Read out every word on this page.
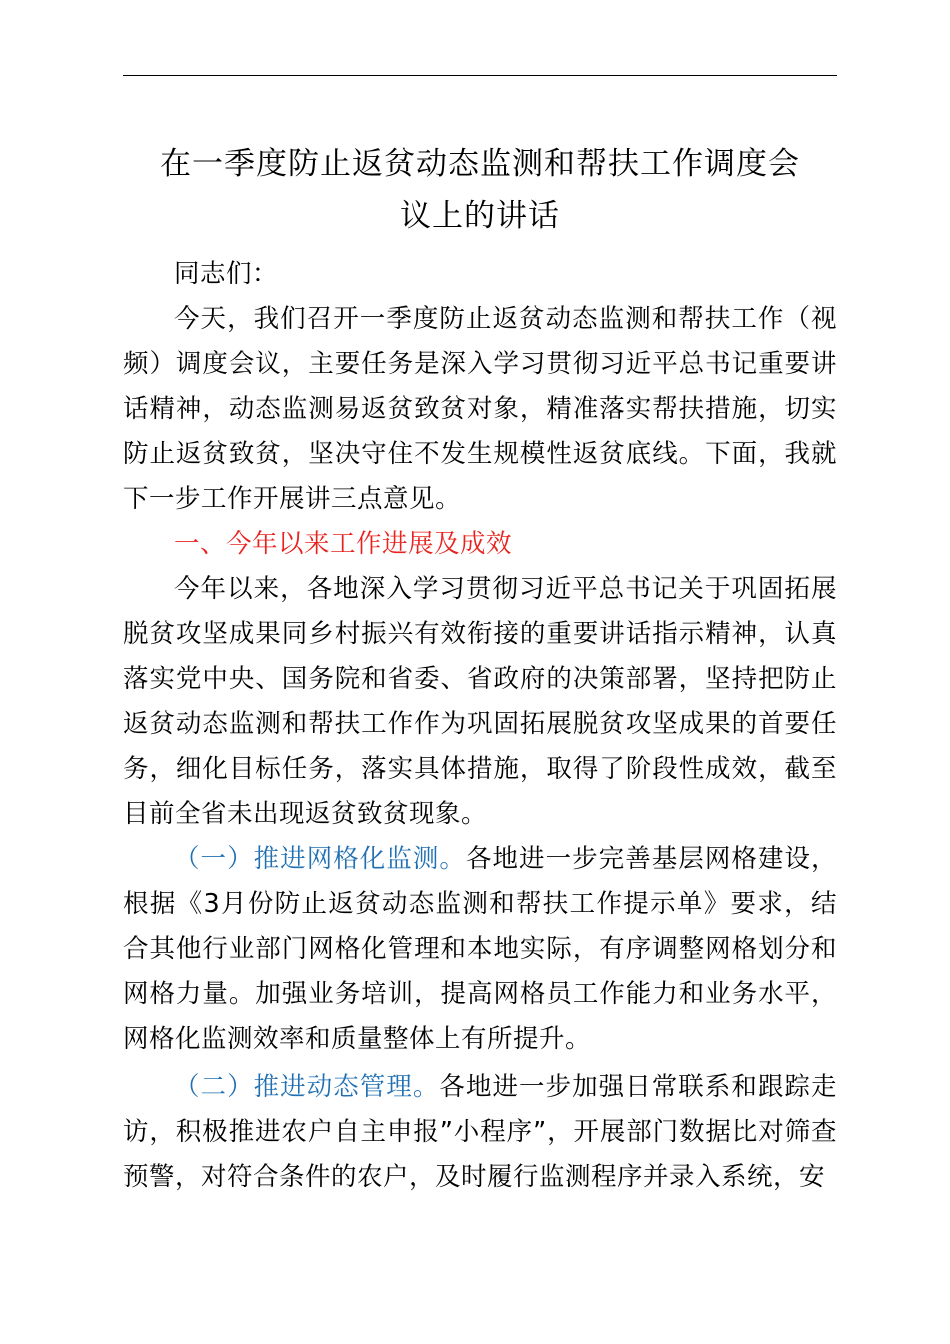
在一季度防止返贫动态监测和帮扶工作调度会
议上的讲话

同志们：

今天，我们召开一季度防止返贫动态监测和帮扶工作（视频）调度会议，主要任务是深入学习贯彻习近平总书记重要讲话精神，动态监测易返贫致贫对象，精准落实帮扶措施，切实防止返贫致贫，坚决守住不发生规模性返贫底线。下面，我就下一步工作开展讲三点意见。

一、今年以来工作进展及成效

今年以来，各地深入学习贯彻习近平总书记关于巩固拓展脱贫攻坚成果同乡村振兴有效衔接的重要讲话指示精神，认真落实党中央、国务院和省委、省政府的决策部署，坚持把防止返贫动态监测和帮扶工作作为巩固拓展脱贫攻坚成果的首要任务，细化目标任务，落实具体措施，取得了阶段性成效，截至目前全省未出现返贫致贫现象。

（一）推进网格化监测。各地进一步完善基层网格建设，根据《3月份防止返贫动态监测和帮扶工作提示单》要求，结合其他行业部门网格化管理和本地实际，有序调整网格划分和网格力量。加强业务培训，提高网格员工作能力和业务水平，网格化监测效率和质量整体上有所提升。

（二）推进动态管理。各地进一步加强日常联系和跟踪走访，积极推进农户自主申报”小程序”，开展部门数据比对筛查预警，对符合条件的农户，及时履行监测程序并录入系统，安
